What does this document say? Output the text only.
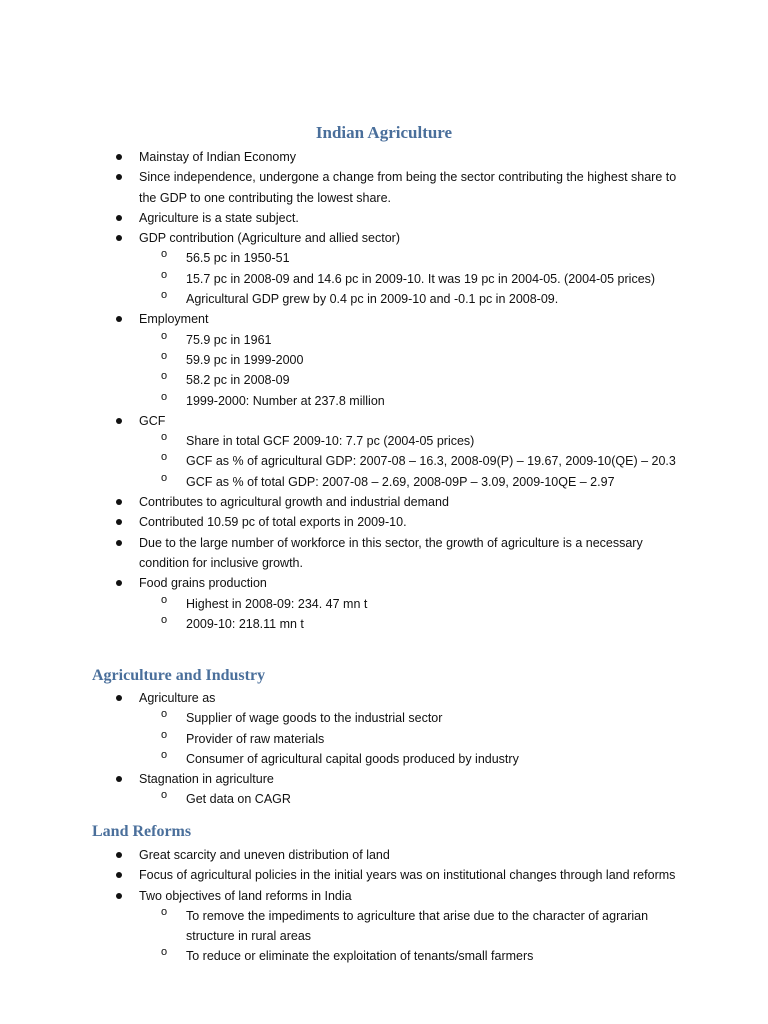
Indian Agriculture
Mainstay of Indian Economy
Since independence, undergone a change from being the sector contributing the highest share to the GDP to one contributing the lowest share.
Agriculture is a state subject.
GDP contribution (Agriculture and allied sector)
o 56.5 pc in 1950-51
o 15.7 pc in 2008-09 and 14.6 pc in 2009-10. It was 19 pc in 2004-05. (2004-05 prices)
o Agricultural GDP grew by 0.4 pc in 2009-10 and -0.1 pc in 2008-09.
Employment
o 75.9 pc in 1961
o 59.9 pc in 1999-2000
o 58.2 pc in 2008-09
o 1999-2000: Number at 237.8 million
GCF
o Share in total GCF 2009-10: 7.7 pc (2004-05 prices)
o GCF as % of agricultural GDP: 2007-08 – 16.3, 2008-09(P) – 19.67, 2009-10(QE) – 20.3
o GCF as % of total GDP: 2007-08 – 2.69, 2008-09P – 3.09, 2009-10QE – 2.97
Contributes to agricultural growth and industrial demand
Contributed 10.59 pc of total exports in 2009-10.
Due to the large number of workforce in this sector, the growth of agriculture is a necessary condition for inclusive growth.
Food grains production
o Highest in 2008-09: 234. 47 mn t
o 2009-10: 218.11 mn t
Agriculture and Industry
Agriculture as
o Supplier of wage goods to the industrial sector
o Provider of raw materials
o Consumer of agricultural capital goods produced by industry
Stagnation in agriculture
o Get data on CAGR
Land Reforms
Great scarcity and uneven distribution of land
Focus of agricultural policies in the initial years was on institutional changes through land reforms
Two objectives of land reforms in India
o To remove the impediments to agriculture that arise due to the character of agrarian structure in rural areas
o To reduce or eliminate the exploitation of tenants/small farmers
